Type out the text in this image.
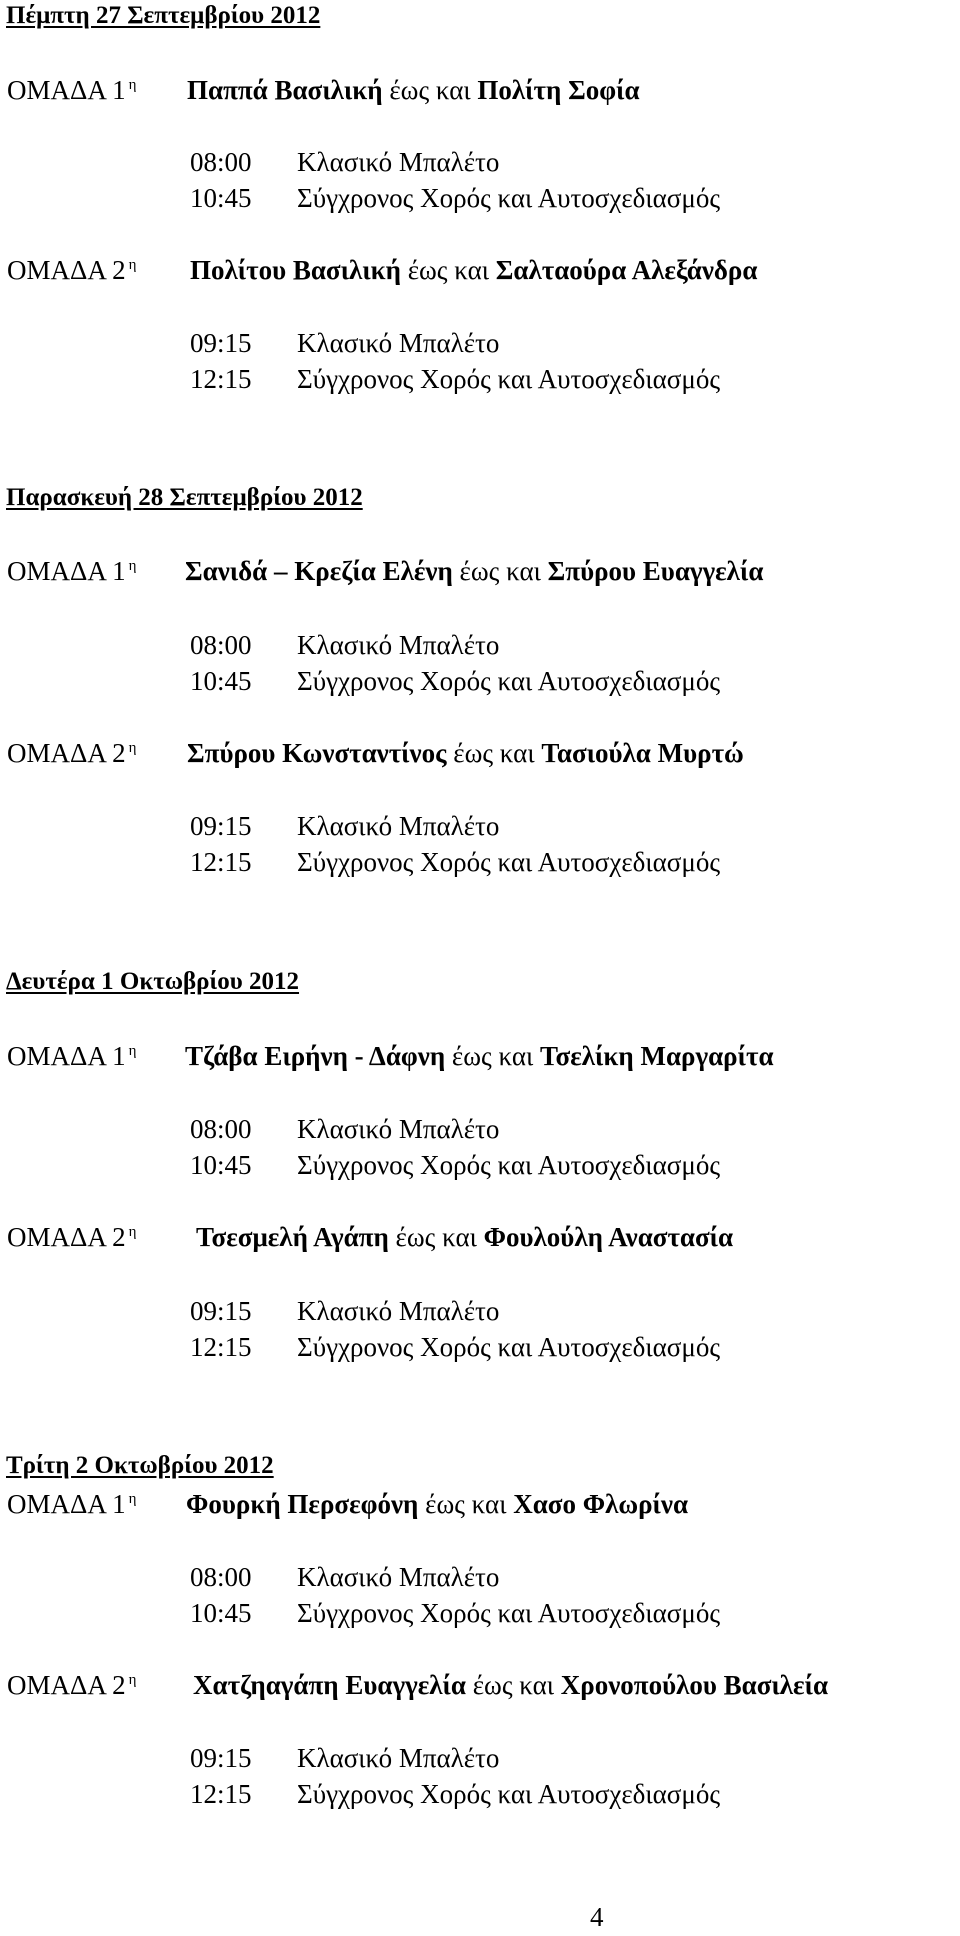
Πέμπτη 27 Σεπτεμβρίου 2012
ΟΜΑΔΑ 1 $^\eta$ Παππά Βασιλική έως και Πολίτη Σοφία
08:00 Κλασικό Μπαλέτο
10:45 Σύγχρονος Χορός και Αυτοσχεδιασμός
ΟΜΑΔΑ 2 $^\eta$ Πολίτου Βασιλική έως και Σαλταούρα Αλεξάνδρα
09:15 Κλασικό Μπαλέτο
12:15 Σύγχρονος Χορός και Αυτοσχεδιασμός
Παρασκευή 28 Σεπτεμβρίου 2012
ΟΜΑΔΑ 1 $^\eta$ Σανιδά – Κρεζία Ελένη έως και Σπύρου Ευαγγελία
08:00 Κλασικό Μπαλέτο
10:45 Σύγχρονος Χορός και Αυτοσχεδιασμός
ΟΜΑΔΑ 2 $^\eta$ Σπύρου Κωνσταντίνος έως και Τασιούλα Μυρτώ
09:15 Κλασικό Μπαλέτο
12:15 Σύγχρονος Χορός και Αυτοσχεδιασμός
Δευτέρα 1 Οκτωβρίου 2012
ΟΜΑΔΑ 1 $^\eta$ Τζάβα Ειρήνη - Δάφνη έως και Τσελίκη Μαργαρίτα
08:00 Κλασικό Μπαλέτο
10:45 Σύγχρονος Χορός και Αυτοσχεδιασμός
ΟΜΑΔΑ 2 $^\eta$ Τσεσμελή Αγάπη έως και Φουλούλη Αναστασία
09:15 Κλασικό Μπαλέτο
12:15 Σύγχρονος Χορός και Αυτοσχεδιασμός
Τρίτη 2 Οκτωβρίου 2012
ΟΜΑΔΑ 1 $^\eta$ Φουρκή Περσεφόνη έως και Χασο Φλωρίνα
08:00 Κλασικό Μπαλέτο
10:45 Σύγχρονος Χορός και Αυτοσχεδιασμός
ΟΜΑΔΑ 2 $^\eta$ Χατζηαγάπη Ευαγγελία έως και Χρονοπούλου Βασιλεία
09:15 Κλασικό Μπαλέτο
12:15 Σύγχρονος Χορός και Αυτοσχεδιασμός
4
